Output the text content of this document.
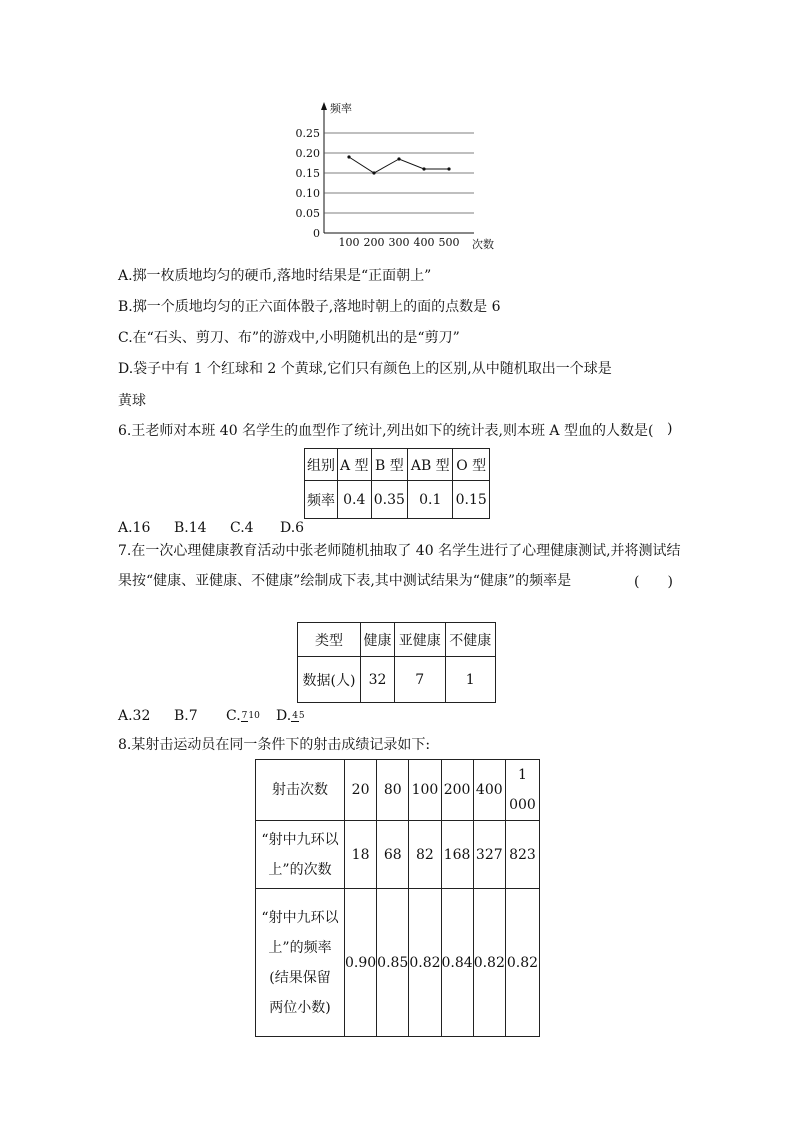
频率
0
0.05
0.10
0.15
0.20
0.25
100 200 300 400 500 次数
A.掷一枚质地均匀的硬币,落地时结果是“正面朝上”
B.掷一个质地均匀的正六面体骰子,落地时朝上的面的点数是 6
C.在“石头、剪刀、布”的游戏中,小明随机出的是“剪刀”
D.袋子中有 1 个红球和 2 个黄球,它们只有颜色上的区别,从中随机取出一个球是
黄球
6.王老师对本班 40 名学生的血型作了统计,列出如下的统计表,则本班 A 型血的人数是( )
组别	A 型	B 型	AB 型	O 型
频率	0.4	0.35	0.1	0.15
A.16 B.14 C.4 D.6
7.在一次心理健康教育活动中张老师随机抽取了 40 名学生进行了心理健康测试,并将测试结
果按“健康、亚健康、不健康”绘制成下表,其中测试结果为“健康”的频率是	(　　)
类型	健康	亚健康	不健康
数据(人)	32	7	1
A.32 B.7 C.710 D.45
8.某射击运动员在同一条件下的射击成绩记录如下:
射击次数	20	80	100	200	400	1 000

“射中九环以
上”的次数	18	68	82	168	327	823

“射中九环以
上”的频率
(结果保留
两位小数)	0.90	0.85	0.82	0.84	0.82	0.82
